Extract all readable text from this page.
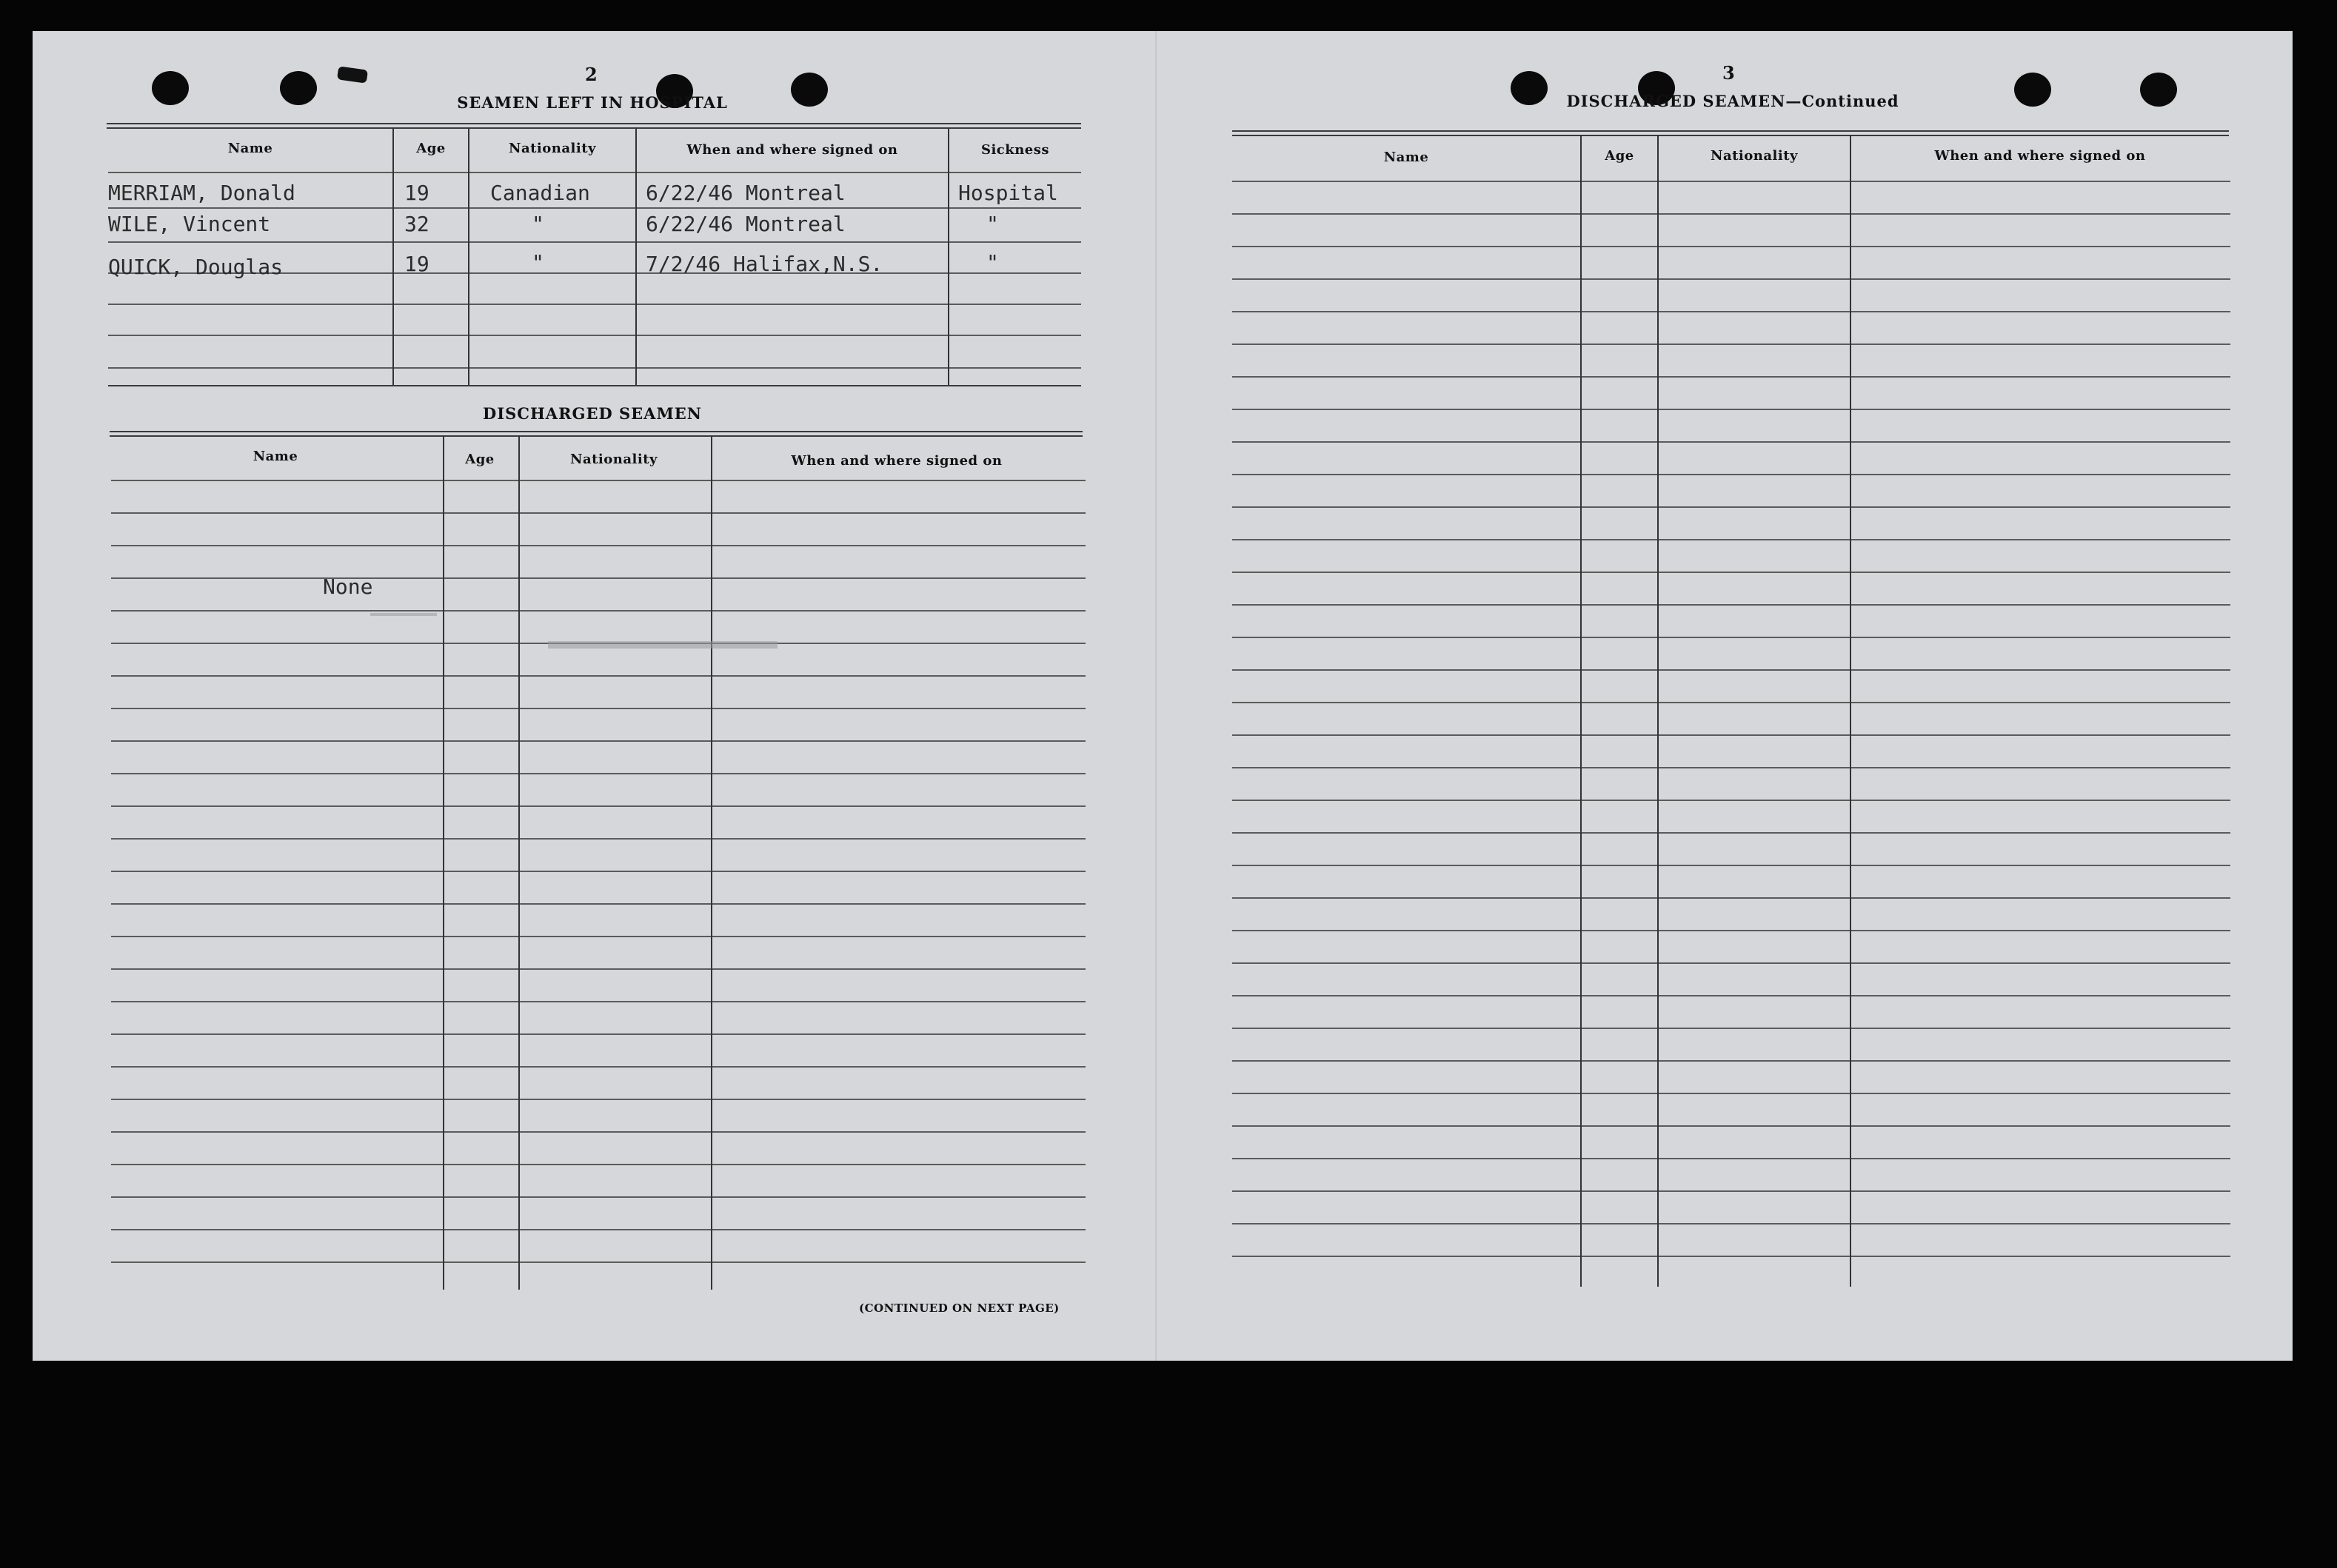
2
SEAMEN LEFT IN HOSPITAL
Name	Age	Nationality	When and where signed on	Sickness
MERRIAM, Donald	19	Canadian	6/22/46 Montreal	Hospital
WILE, Vincent	32	"	6/22/46 Montreal	"
QUICK, Douglas	19	"	7/2/46 Halifax,N.S.	"
DISCHARGED SEAMEN
Name	Age	Nationality	When and where signed on
None
(CONTINUED ON NEXT PAGE)
3
DISCHARGED SEAMEN—Continued
Name	Age	Nationality	When and where signed on
